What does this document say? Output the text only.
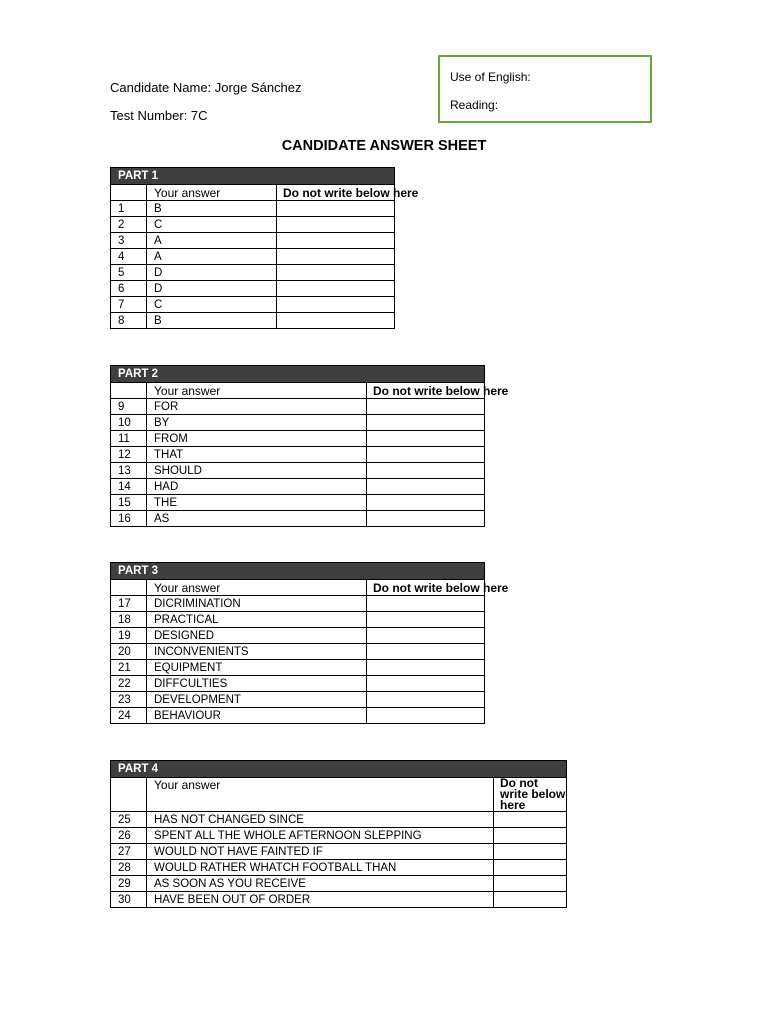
Candidate Name: Jorge Sánchez
Test Number: 7C
Use of English:
Reading:
CANDIDATE ANSWER SHEET
PART 1		
	Your answer	Do not write below here
1	B	
2	C	
3	A	
4	A	
5	D	
6	D	
7	C	
8	B	
PART 2		
	Your answer	Do not write below here
9	FOR	
10	BY	
11	FROM	
12	THAT	
13	SHOULD	
14	HAD	
15	THE	
16	AS	
PART 3		
	Your answer	Do not write below here
17	DICRIMINATION	
18	PRACTICAL	
19	DESIGNED	
20	INCONVENIENTS	
21	EQUIPMENT	
22	DIFFCULTIES	
23	DEVELOPMENT	
24	BEHAVIOUR	
PART 4		
	Your answer	Do not write below here
25	HAS NOT CHANGED SINCE	
26	SPENT ALL THE WHOLE AFTERNOON SLEPPING	
27	WOULD NOT HAVE FAINTED IF	
28	WOULD RATHER WHATCH FOOTBALL THAN	
29	AS SOON AS YOU RECEIVE	
30	HAVE BEEN OUT OF ORDER	
